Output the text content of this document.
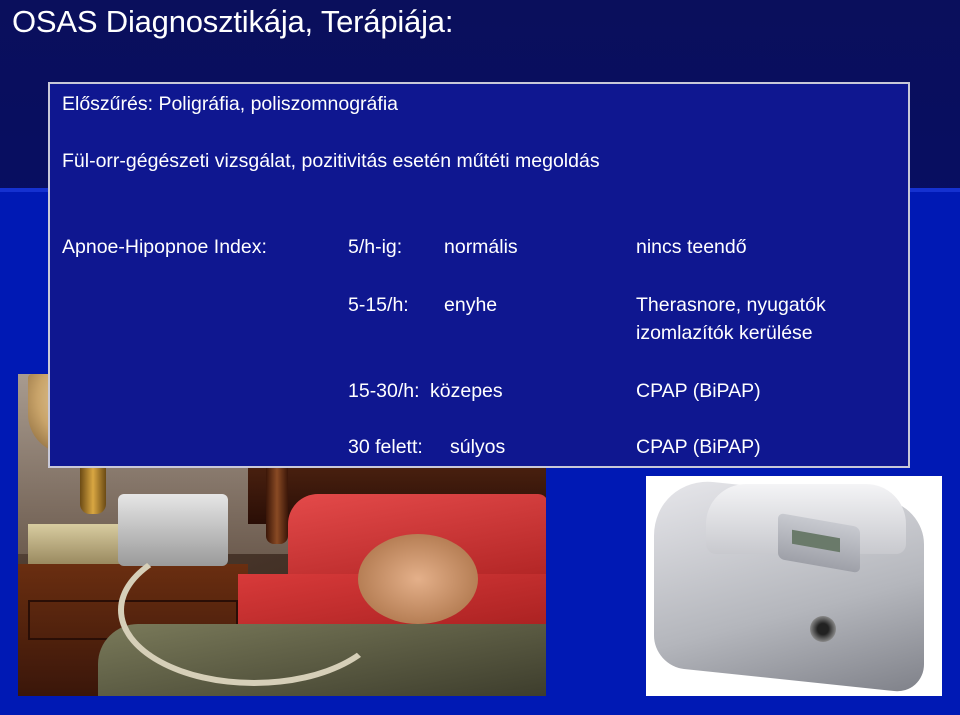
OSAS Diagnosztikája, Terápiája:
Előszűrés: Poligráfia, poliszomnográfia
Fül-orr-gégészeti vizsgálat, pozitivitás esetén műtéti megoldás
Apnoe-Hipopnoe Index:	5/h-ig: normális	nincs teendő
5-15/h: enyhe	Therasnore, nyugatók
izomlazítók kerülése
15-30/h: közepes	CPAP (BiPAP)
30 felett: súlyos	CPAP (BiPAP)
